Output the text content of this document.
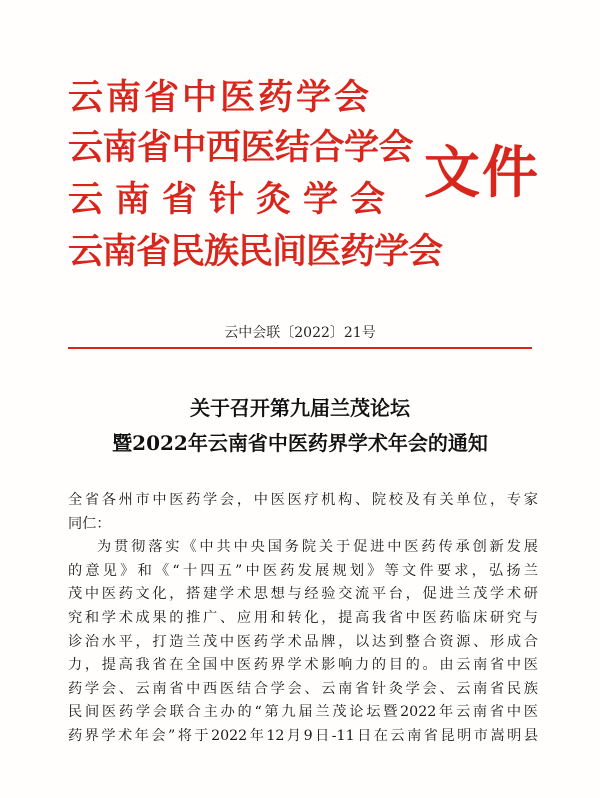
云南省中医药学会
云南省中西医结合学会
云南省针灸学会
云南省民族民间医药学会
文件
云中会联〔2022〕21号
关于召开第九届兰茂论坛
暨2022年云南省中医药界学术年会的通知
全省各州市中医药学会，中医医疗机构、院校及有关单位，专家
同仁：
为贯彻落实《中共中央国务院关于促进中医药传承创新发展
的意见》和《“十四五”中医药发展规划》等文件要求，弘扬兰
茂中医药文化，搭建学术思想与经验交流平台，促进兰茂学术研
究和学术成果的推广、应用和转化，提高我省中医药临床研究与
诊治水平，打造兰茂中医药学术品牌，以达到整合资源、形成合
力，提高我省在全国中医药界学术影响力的目的。由云南省中医
药学会、云南省中西医结合学会、云南省针灸学会、云南省民族
民间医药学会联合主办的“第九届兰茂论坛暨2022年云南省中医
药界学术年会”将于2022年12月9日-11日在云南省昆明市嵩明县
